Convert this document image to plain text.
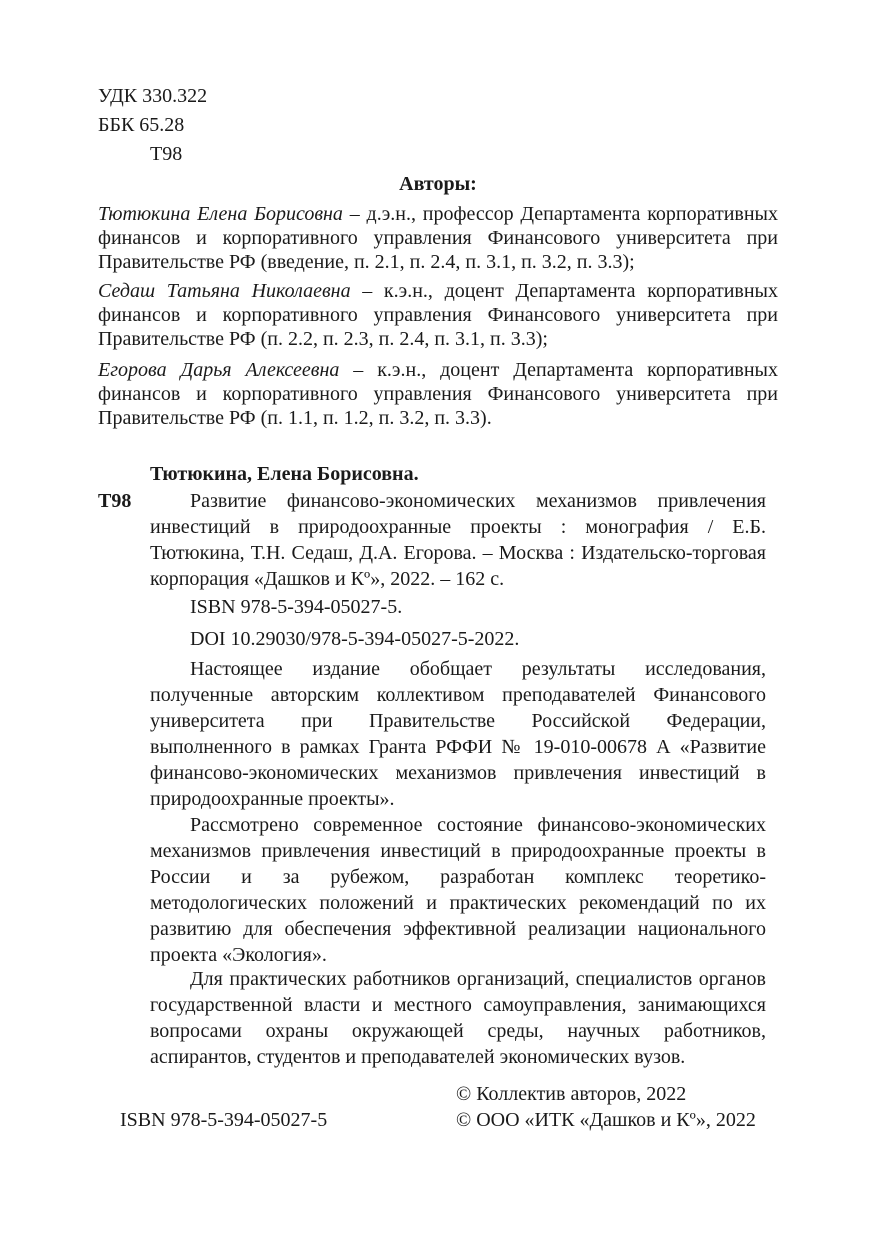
УДК 330.322
ББК 65.28
Т98
Авторы:
Тютюкина Елена Борисовна – д.э.н., профессор Департамента корпоративных финансов и корпоративного управления Финансового университета при Правительстве РФ (введение, п. 2.1, п. 2.4, п. 3.1, п. 3.2, п. 3.3);
Седаш Татьяна Николаевна – к.э.н., доцент Департамента корпоративных финансов и корпоративного управления Финансового университета при Правительстве РФ (п. 2.2, п. 2.3, п. 2.4, п. 3.1, п. 3.3);
Егорова Дарья Алексеевна – к.э.н., доцент Департамента корпоративных финансов и корпоративного управления Финансового университета при Правительстве РФ (п. 1.1, п. 1.2, п. 3.2, п. 3.3).
Тютюкина, Елена Борисовна.
Т98	Развитие финансово-экономических механизмов привлечения инвестиций в природоохранные проекты : монография / Е.Б. Тютюкина, Т.Н. Седаш, Д.А. Егорова. – Москва : Издательско-торговая корпорация «Дашков и Кº», 2022. – 162 с.
ISBN 978-5-394-05027-5.
DOI 10.29030/978-5-394-05027-5-2022.
Настоящее издание обобщает результаты исследования, полученные авторским коллективом преподавателей Финансового университета при Правительстве Российской Федерации, выполненного в рамках Гранта РФФИ № 19-010-00678 А «Развитие финансово-экономических механизмов привлечения инвестиций в природоохранные проекты».
Рассмотрено современное состояние финансово-экономических механизмов привлечения инвестиций в природоохранные проекты в России и за рубежом, разработан комплекс теоретико-методологических положений и практических рекомендаций по их развитию для обеспечения эффективной реализации национального проекта «Экология».
Для практических работников организаций, специалистов органов государственной власти и местного самоуправления, занимающихся вопросами охраны окружающей среды, научных работников, аспирантов, студентов и преподавателей экономических вузов.
© Коллектив авторов, 2022
ISBN 978-5-394-05027-5	© ООО «ИТК «Дашков и Кº», 2022
